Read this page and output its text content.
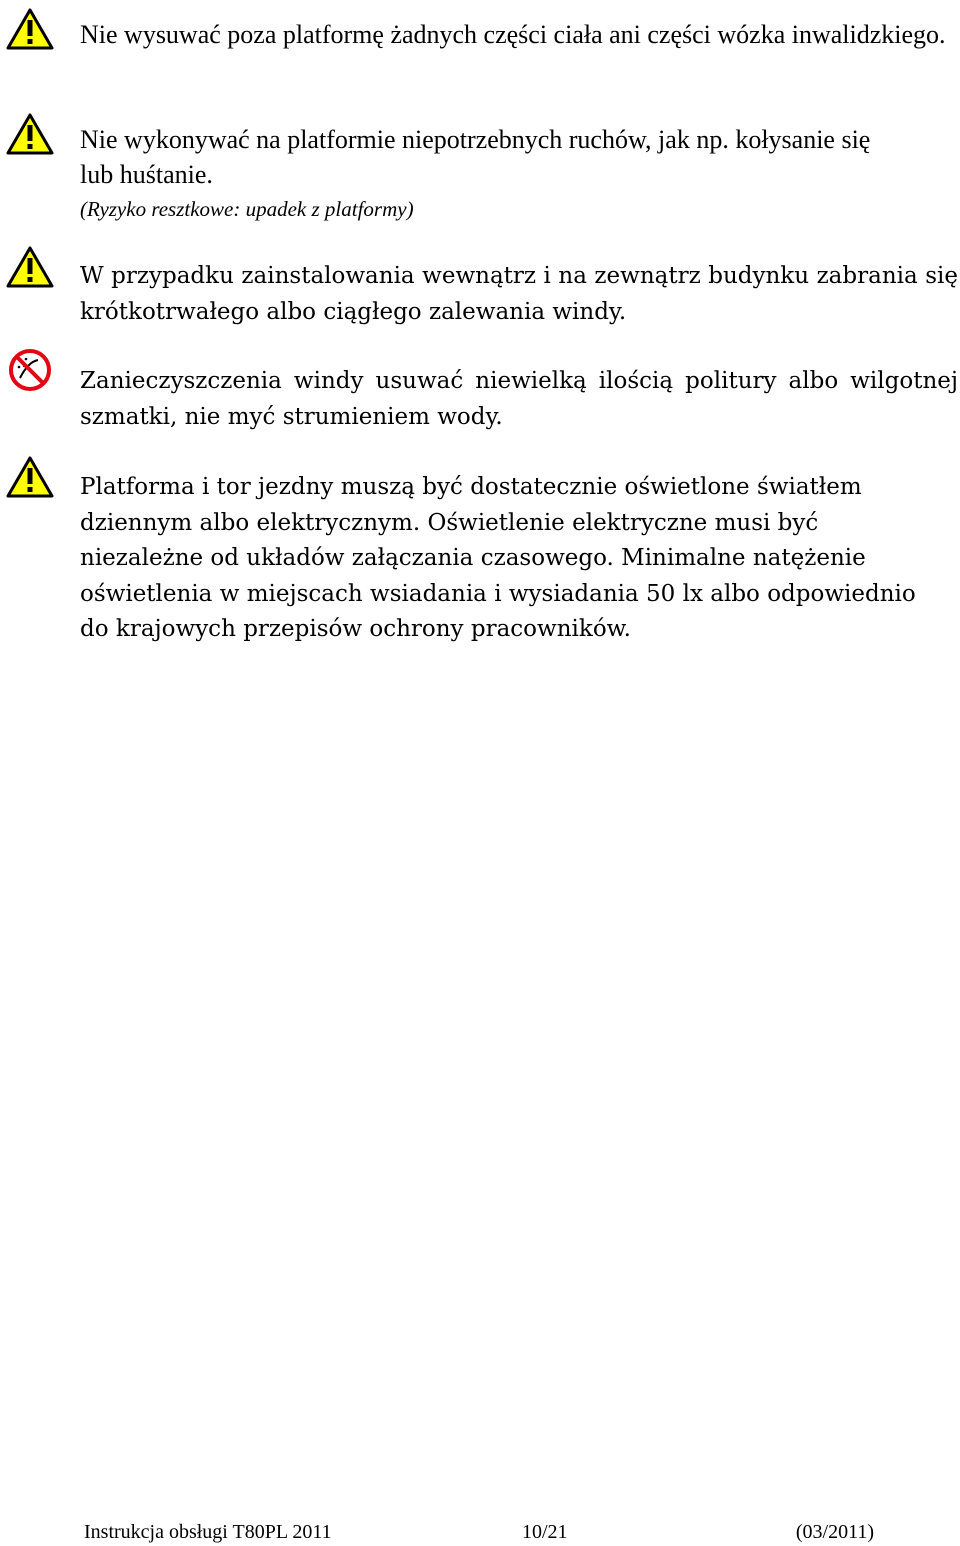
Nie wysuwać poza platformę żadnych części ciała ani części wózka inwalidzkiego.

Nie wykonywać na platformie niepotrzebnych ruchów, jak np. kołysanie się lub huśtanie.

(Ryzyko resztkowe: upadek z platformy)

W przypadku zainstalowania wewnątrz i na zewnątrz budynku zabrania się krótkotrwałego albo ciągłego zalewania windy.

Zanieczyszczenia windy usuwać niewielką ilością politury albo wilgotnej szmatki, nie myć strumieniem wody.

Platforma i tor jezdny muszą być dostatecznie oświetlone światłem dziennym albo elektrycznym. Oświetlenie elektryczne musi być niezależne od układów załączania czasowego. Minimalne natężenie oświetlenia w miejscach wsiadania i wysiadania 50 lx albo odpowiednio do krajowych przepisów ochrony pracowników.

Instrukcja obsługi T80PL 2011	10/21	(03/2011)
